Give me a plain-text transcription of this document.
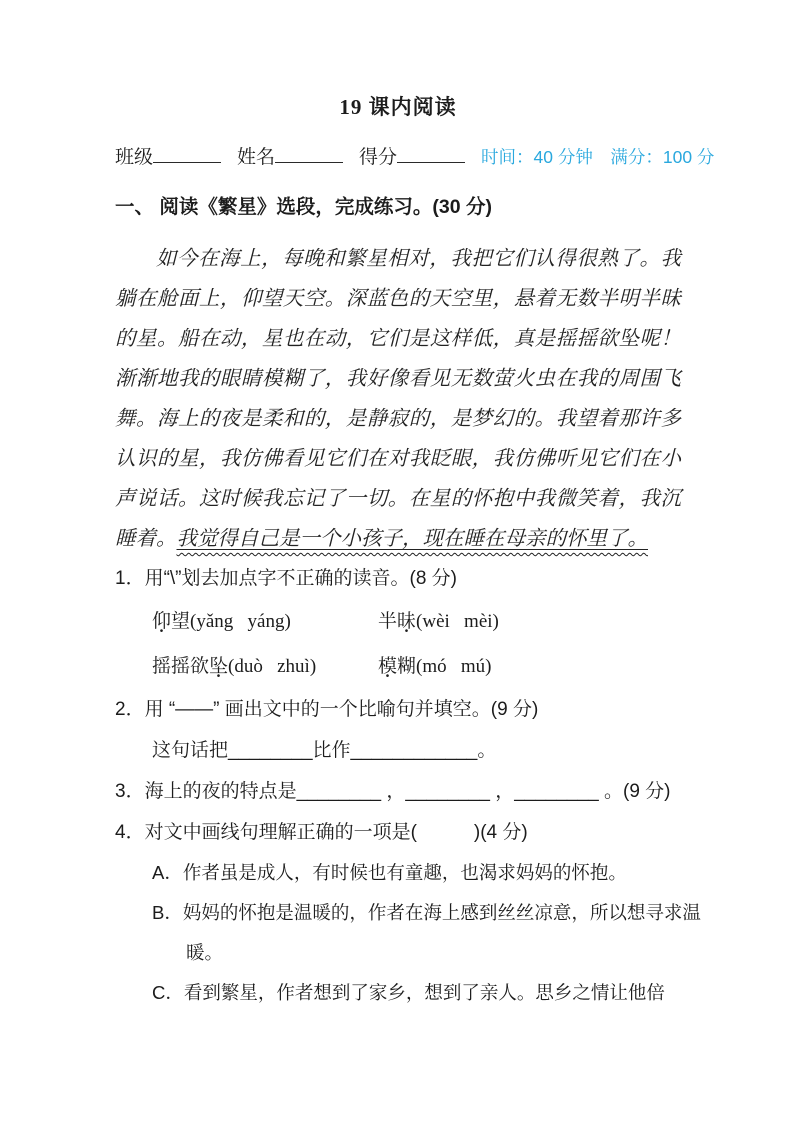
19 课内阅读
班级	姓名	得分	时间：40 分钟　满分：100 分
一、 阅读《繁星》选段，完成练习。(30 分)

如今在海上，每晚和繁星相对，我把它们认得很熟了。我躺在舱面上，仰望天空。深蓝色的天空里，悬着无数半明半昧的星。船在动，星也在动，它们是这样低，真是摇摇欲坠呢！渐渐地我的眼睛模糊了，我好像看见无数萤火虫在我的周围飞舞。海上的夜是柔和的，是静寂的，是梦幻的。我望着那许多认识的星，我仿佛看见它们在对我眨眼，我仿佛听见它们在小声说话。这时候我忘记了一切。在星的怀抱中我微笑着，我沉睡着。我觉得自己是一个小孩子，现在睡在母亲的怀里了。

1．用“\”划去加点字不正确的读音。(8 分)
仰望(yǎng   yáng)	半昧(wèi   mèi)
摇摇欲坠(duò   zhuì)	模糊(mó   mú)
2．用 “——” 画出文中的一个比喻句并填空。(9 分)
这句话把________比作____________。
3．海上的夜的特点是________ ，________ ，________ 。(9 分)
4．对文中画线句理解正确的一项是(　　　)(4 分)
A．作者虽是成人，有时候也有童趣，也渴求妈妈的怀抱。
B．妈妈的怀抱是温暖的，作者在海上感到丝丝凉意，所以想寻求温暖。
C．看到繁星，作者想到了家乡，想到了亲人。思乡之情让他倍
